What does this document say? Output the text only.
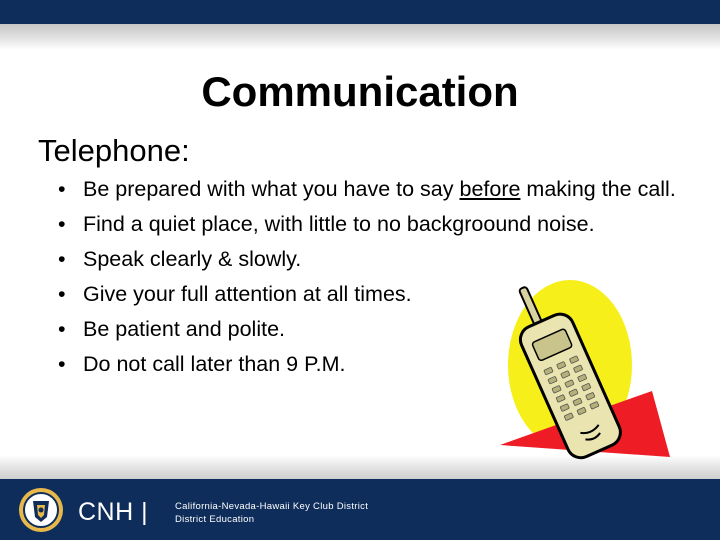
Communication
Telephone:
• Be prepared with what you have to say before making the call.
• Find a quiet place, with little to no backgroound noise.
• Speak clearly & slowly.
• Give your full attention at all times.
• Be patient and polite.
• Do not call later than 9 P.M.
CNH |	California-Nevada-Hawaii Key Club District
District Education
